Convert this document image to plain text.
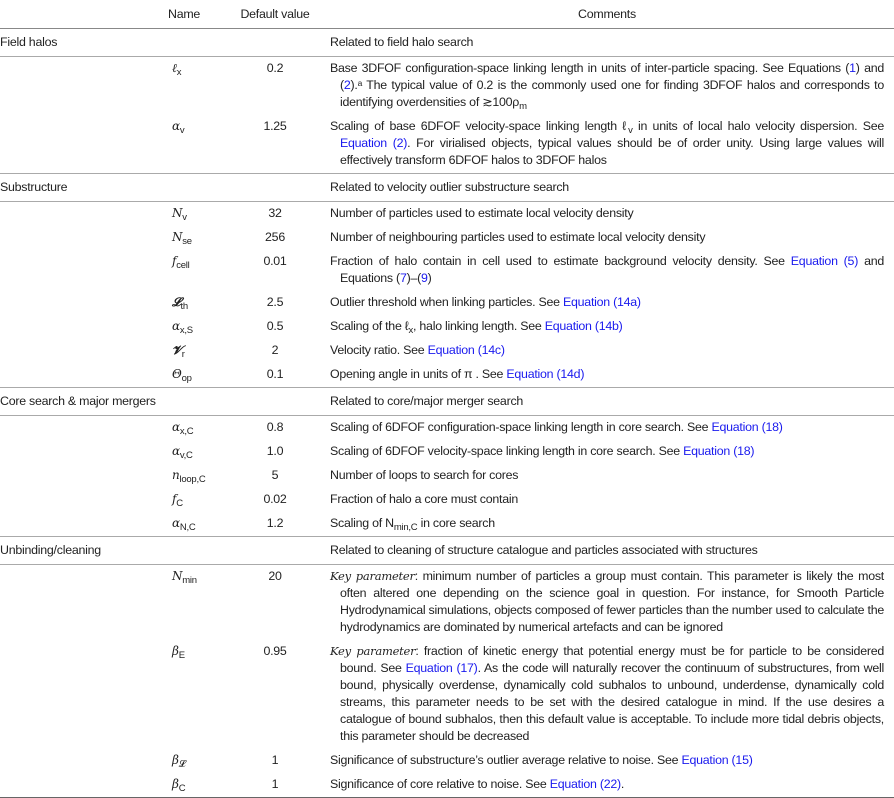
	Name	Default value	Comments
Field halos			Related to field halo search

	ℓ$_x$	0.2	Base 3DFOF configuration-space linking length in units of inter-particle spacing. See Equations (1) and (2).ᵃ The typical value of 0.2 is the commonly used one for finding 3DFOF halos and corresponds to identifying overdensities of $≳100\rho_m$

	$\alpha_v$	1.25	Scaling of base 6DFOF velocity-space linking length ℓ$_v$ in units of local halo velocity dispersion. See Equation (2). For virialised objects, typical values should be of order unity. Using large values will effectively transform 6DFOF halos to 3DFOF halos

Substructure			Related to velocity outlier substructure search

	$N_v$	32	Number of particles used to estimate local velocity density

	$N_{se}$	256	Number of neighbouring particles used to estimate local velocity density

	$f_{cell}$	0.01	Fraction of halo contain in cell used to estimate background velocity density. See Equation (5) and Equations (7)–(9)

	𝓛$_{th}$	2.5	Outlier threshold when linking particles. See Equation (14a)

	$\alpha_{x,S}$	0.5	Scaling of the ℓ$_x$, halo linking length. See Equation (14b)

	𝓥$_r$	2	Velocity ratio. See Equation (14c)

	$\Theta_{op}$	0.1	Opening angle in units of π . See Equation (14d)

Core search & major mergers			Related to core/major merger search

	$\alpha_{x,C}$	0.8	Scaling of 6DFOF configuration-space linking length in core search. See Equation (18)

	$\alpha_{v,C}$	1.0	Scaling of 6DFOF velocity-space linking length in core search. See Equation (18)

	$n_{loop,C}$	5	Number of loops to search for cores

	$f_C$	0.02	Fraction of halo a core must contain

	$\alpha_{N,C}$	1.2	Scaling of $N_{min,C}$ in core search

Unbinding/cleaning			Related to cleaning of structure catalogue and particles associated with structures

	$N_{min}$	20	Key parameter: minimum number of particles a group must contain. This parameter is likely the most often altered one depending on the science goal in question. For instance, for Smooth Particle Hydrodynamical simulations, objects composed of fewer particles than the number used to calculate the hydrodynamics are dominated by numerical artefacts and can be ignored

	$\beta_E$	0.95	Key parameter: fraction of kinetic energy that potential energy must be for particle to be considered bound. See Equation (17). As the code will naturally recover the continuum of substructures, from well bound, physically overdense, dynamically cold subhalos to unbound, underdense, dynamically cold streams, this parameter needs to be set with the desired catalogue in mind. If the use desires a catalogue of bound subhalos, then this default value is acceptable. To include more tidal debris objects, this parameter should be decreased

	$\beta_𝓛$	1	Significance of substructure’s outlier average relative to noise. See Equation (15)

	$\beta_C$	1	Significance of core relative to noise. See Equation (22).
